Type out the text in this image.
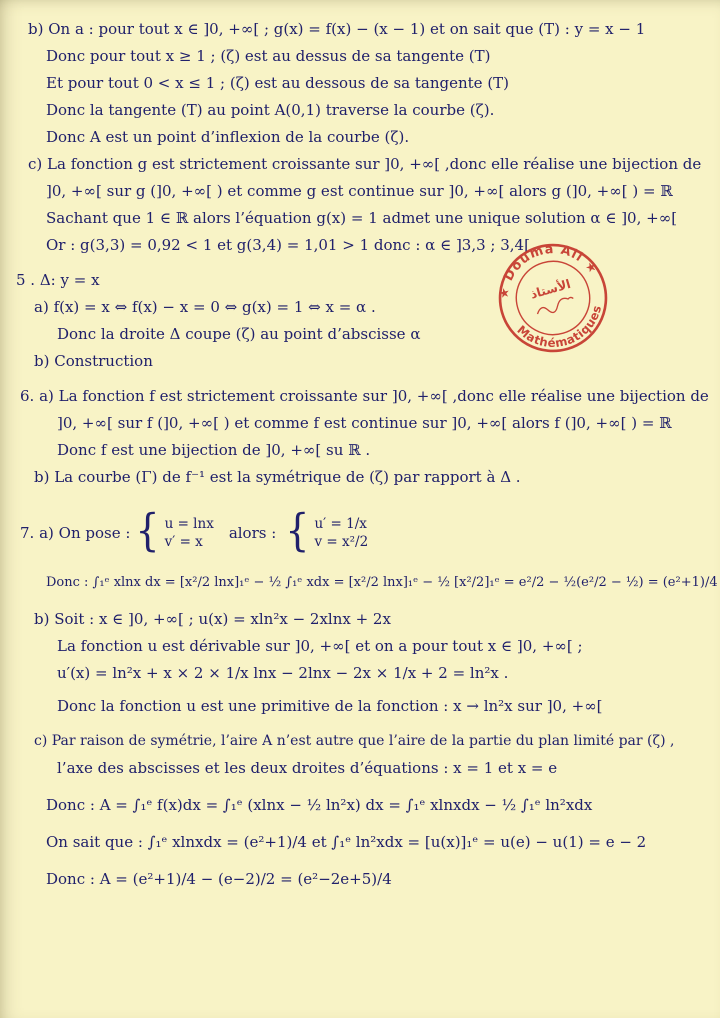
b) On a : pour tout x ∈ ]0, +∞[ ; g(x) = f(x) − (x − 1) et on sait que (T) : y = x − 1
Donc pour tout x ≥ 1 ; (ζ) est au dessus de sa tangente (T)
Et pour tout 0 < x ≤ 1 ; (ζ) est au dessous de sa tangente (T)
Donc la tangente (T) au point A(0,1) traverse la courbe (ζ).
Donc A est un point d’inflexion de la courbe (ζ).
c) La fonction g est strictement croissante sur ]0, +∞[ ,donc elle réalise une bijection de
]0, +∞[ sur g (]0, +∞[ ) et comme g est continue sur ]0, +∞[ alors g (]0, +∞[ ) = ℝ
Sachant que 1 ∈ ℝ alors l’équation g(x) = 1 admet une unique solution α ∈ ]0, +∞[
Or : g(3,3) = 0,92 < 1 et g(3,4) = 1,01 > 1 donc : α ∈ ]3,3 ; 3,4[
5 . Δ: y = x
a) f(x) = x ⇔ f(x) − x = 0 ⇔ g(x) = 1 ⇔ x = α .
Donc la droite Δ coupe (ζ) au point d’abscisse α
b) Construction
6. a) La fonction f est strictement croissante sur ]0, +∞[ ,donc elle réalise une bijection de
]0, +∞[ sur f (]0, +∞[ ) et comme f est continue sur ]0, +∞[ alors f (]0, +∞[ ) = ℝ
Donc f est une bijection de ]0, +∞[ su ℝ .
b) La courbe (Γ) de f⁻¹ est la symétrique de (ζ) par rapport à Δ .
7. a) On pose : { u = lnx
v′ = x
alors : { u′ = 1/x
v = x²/2
Donc : ∫₁ᵉ xlnx dx = [x²/2 lnx]₁ᵉ − ½ ∫₁ᵉ xdx = [x²/2 lnx]₁ᵉ − ½ [x²/2]₁ᵉ = e²/2 − ½(e²/2 − ½) = (e²+1)/4
b) Soit : x ∈ ]0, +∞[ ; u(x) = xln²x − 2xlnx + 2x
La fonction u est dérivable sur ]0, +∞[ et on a pour tout x ∈ ]0, +∞[ ;
u′(x) = ln²x + x × 2 × 1/x lnx − 2lnx − 2x × 1/x + 2 = ln²x .
Donc la fonction u est une primitive de la fonction : x → ln²x sur ]0, +∞[
c) Par raison de symétrie, l’aire A n’est autre que l’aire de la partie du plan limité par (ζ) ,
l’axe des abscisses et les deux droites d’équations : x = 1 et x = e
Donc : A = ∫₁ᵉ f(x)dx = ∫₁ᵉ (xlnx − ½ ln²x) dx = ∫₁ᵉ xlnxdx − ½ ∫₁ᵉ ln²xdx
On sait que : ∫₁ᵉ xlnxdx = (e²+1)/4 et ∫₁ᵉ ln²xdx = [u(x)]₁ᵉ = u(e) − u(1) = e − 2
Donc : A = (e²+1)/4 − (e−2)/2 = (e²−2e+5)/4
★ Douma Ali ★
Mathématiques
الأستاذ
